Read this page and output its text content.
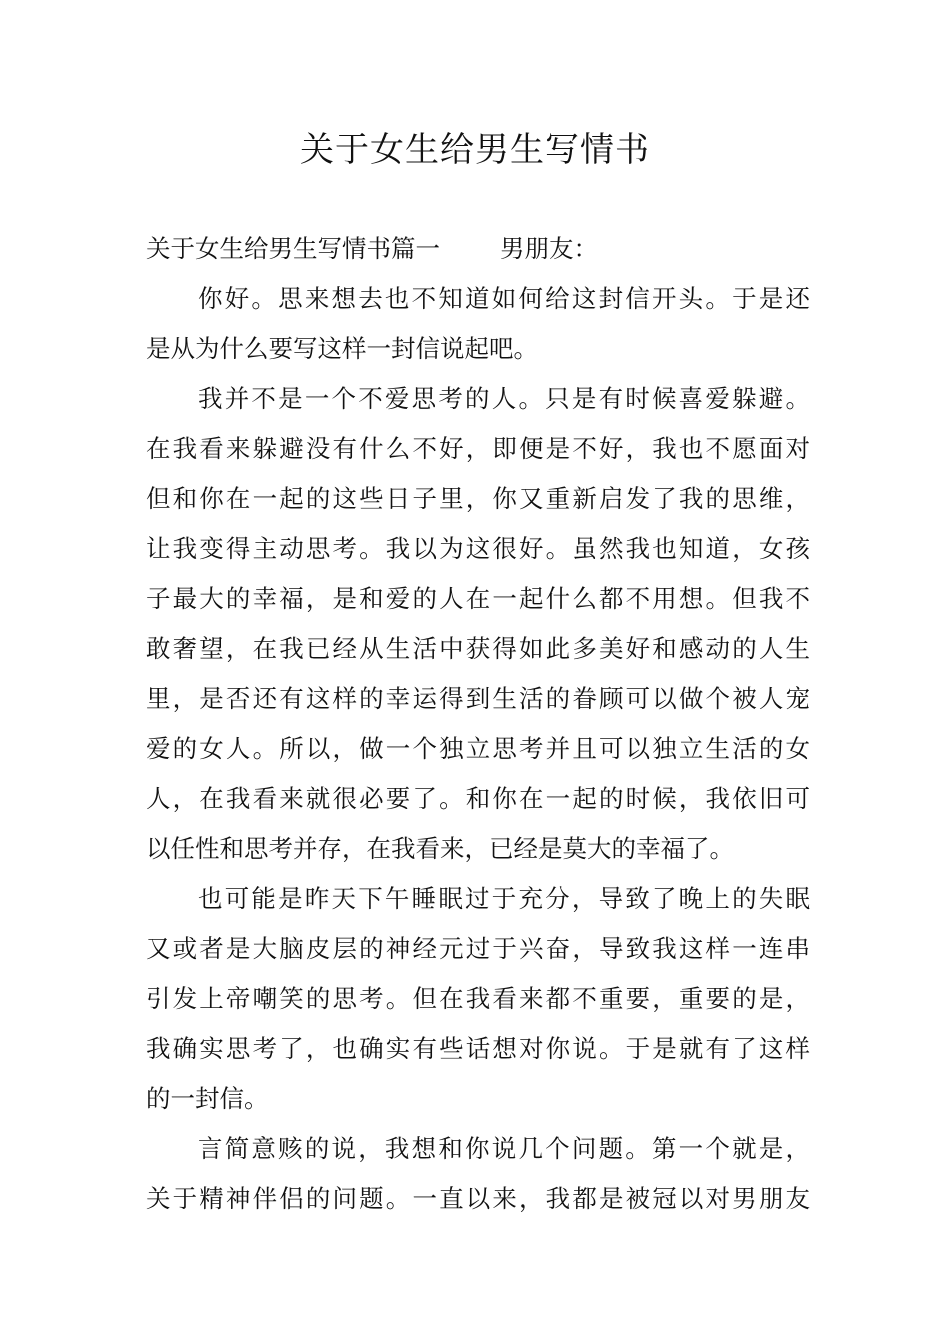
关于女生给男生写情书
关于女生给男生写情书篇一 男朋友：
你好。思来想去也不知道如何给这封信开头。于是还
是从为什么要写这样一封信说起吧。
我并不是一个不爱思考的人。只是有时候喜爱躲避。
在我看来躲避没有什么不好，即便是不好，我也不愿面对
但和你在一起的这些日子里，你又重新启发了我的思维，
让我变得主动思考。我以为这很好。虽然我也知道，女孩
子最大的幸福，是和爱的人在一起什么都不用想。但我不
敢奢望，在我已经从生活中获得如此多美好和感动的人生
里，是否还有这样的幸运得到生活的眷顾可以做个被人宠
爱的女人。所以，做一个独立思考并且可以独立生活的女
人，在我看来就很必要了。和你在一起的时候，我依旧可
以任性和思考并存，在我看来，已经是莫大的幸福了。
也可能是昨天下午睡眠过于充分，导致了晚上的失眠
又或者是大脑皮层的神经元过于兴奋，导致我这样一连串
引发上帝嘲笑的思考。但在我看来都不重要，重要的是，
我确实思考了，也确实有些话想对你说。于是就有了这样
的一封信。
言简意赅的说，我想和你说几个问题。第一个就是，
关于精神伴侣的问题。一直以来，我都是被冠以对男朋友
